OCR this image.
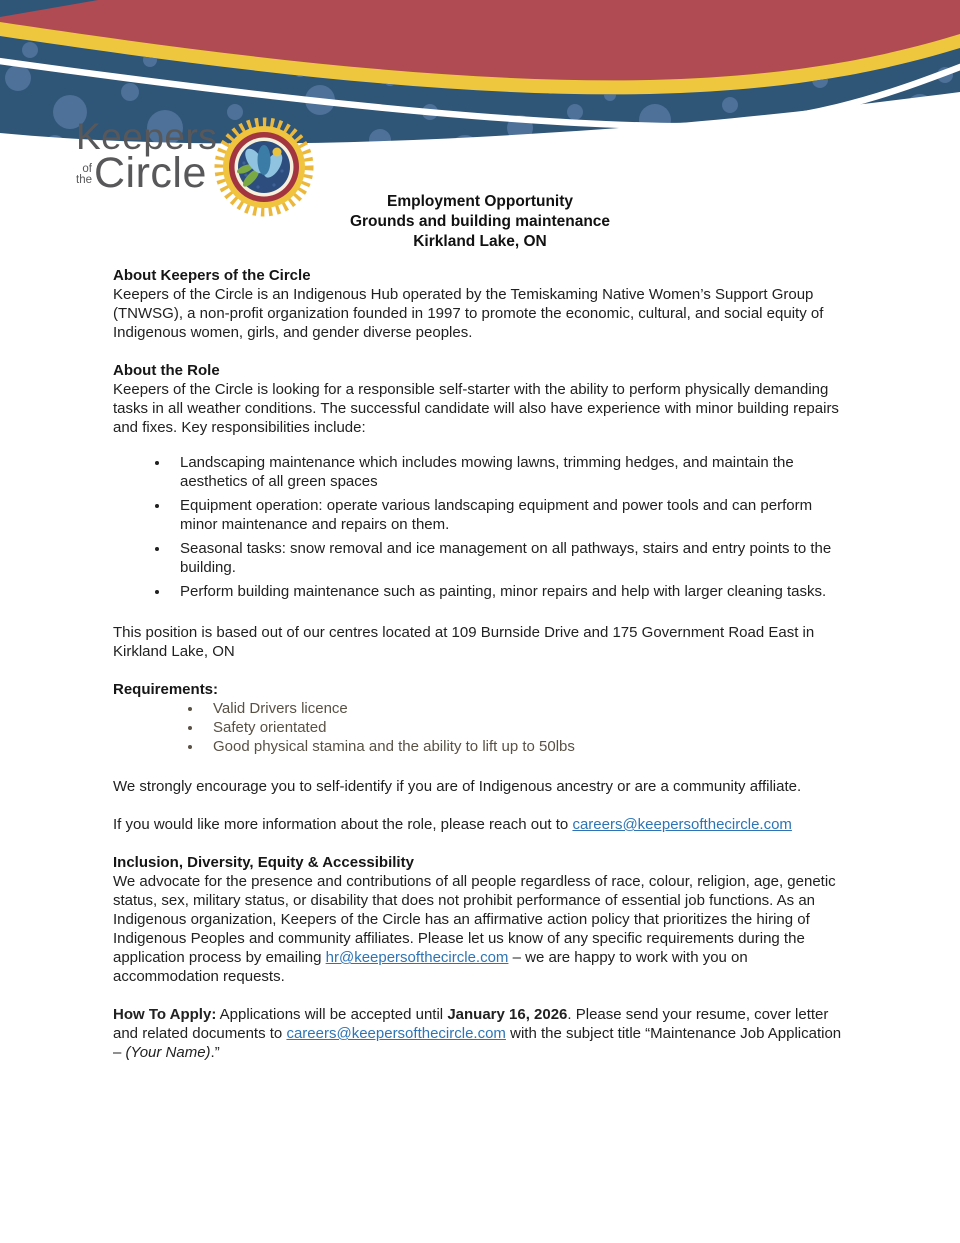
Keepers
of
the Circle
Employment Opportunity
Grounds and building maintenance
Kirkland Lake, ON
About Keepers of the Circle

Keepers of the Circle is an Indigenous Hub operated by the Temiskaming Native Women’s Support Group (TNWSG), a non-profit organization founded in 1997 to promote the economic, cultural, and social equity of Indigenous women, girls, and gender diverse peoples.

About the Role

Keepers of the Circle is looking for a responsible self-starter with the ability to perform physically demanding tasks in all weather conditions. The successful candidate will also have experience with minor building repairs and fixes. Key responsibilities include:

• Landscaping maintenance which includes mowing lawns, trimming hedges, and maintain the aesthetics of all green spaces
• Equipment operation: operate various landscaping equipment and power tools and can perform minor maintenance and repairs on them.
• Seasonal tasks: snow removal and ice management on all pathways, stairs and entry points to the building.
• Perform building maintenance such as painting, minor repairs and help with larger cleaning tasks.

This position is based out of our centres located at 109 Burnside Drive and 175 Government Road East in Kirkland Lake, ON

Requirements:
• Valid Drivers licence
• Safety orientated
• Good physical stamina and the ability to lift up to 50lbs

We strongly encourage you to self-identify if you are of Indigenous ancestry or are a community affiliate.

If you would like more information about the role, please reach out to careers@keepersofthecircle.com

Inclusion, Diversity, Equity & Accessibility

We advocate for the presence and contributions of all people regardless of race, colour, religion, age, genetic status, sex, military status, or disability that does not prohibit performance of essential job functions. As an Indigenous organization, Keepers of the Circle has an affirmative action policy that prioritizes the hiring of Indigenous Peoples and community affiliates. Please let us know of any specific requirements during the application process by emailing hr@keepersofthecircle.com – we are happy to work with you on accommodation requests.

How To Apply: Applications will be accepted until January 16, 2026. Please send your resume, cover letter and related documents to careers@keepersofthecircle.com with the subject title “Maintenance Job Application – (Your Name).”
